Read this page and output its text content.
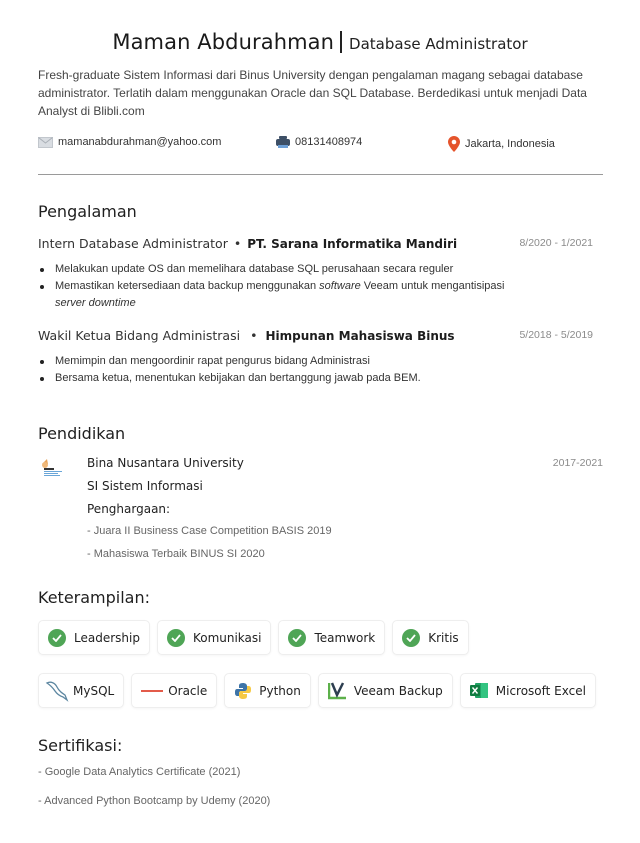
Maman Abdurahman Database Administrator

Fresh-graduate Sistem Informasi dari Binus University dengan pengalaman magang sebagai database administrator. Terlatih dalam menggunakan Oracle dan SQL Database. Berdedikasi untuk menjadi Data Analyst di Blibli.com

mamanabdurahman@yahoo.com	08131408974	Jakarta, Indonesia
Pengalaman
Intern Database Administrator • PT. Sarana Informatika Mandiri	8/2020 - 1/2021
Melakukan update OS dan memelihara database SQL perusahaan secara reguler
Memastikan ketersediaan data backup menggunakan software Veeam untuk mengantisipasi server downtime
Wakil Ketua Bidang Administrasi • Himpunan Mahasiswa Binus	5/2018 - 5/2019
Memimpin dan mengoordinir rapat pengurus bidang Administrasi
Bersama ketua, menentukan kebijakan dan bertanggung jawab pada BEM.
Pendidikan
Bina Nusantara University
SI Sistem Informasi
Penghargaan:
- Juara II Business Case Competition BASIS 2019
- Mahasiswa Terbaik BINUS SI 2020
2017-2021
Keterampilan:
Leadership	Komunikasi	Teamwork	Kritis
MySQL	Oracle	Python	Veeam Backup	Microsoft Excel
Sertifikasi:
- Google Data Analytics Certificate (2021)
- Advanced Python Bootcamp by Udemy (2020)
